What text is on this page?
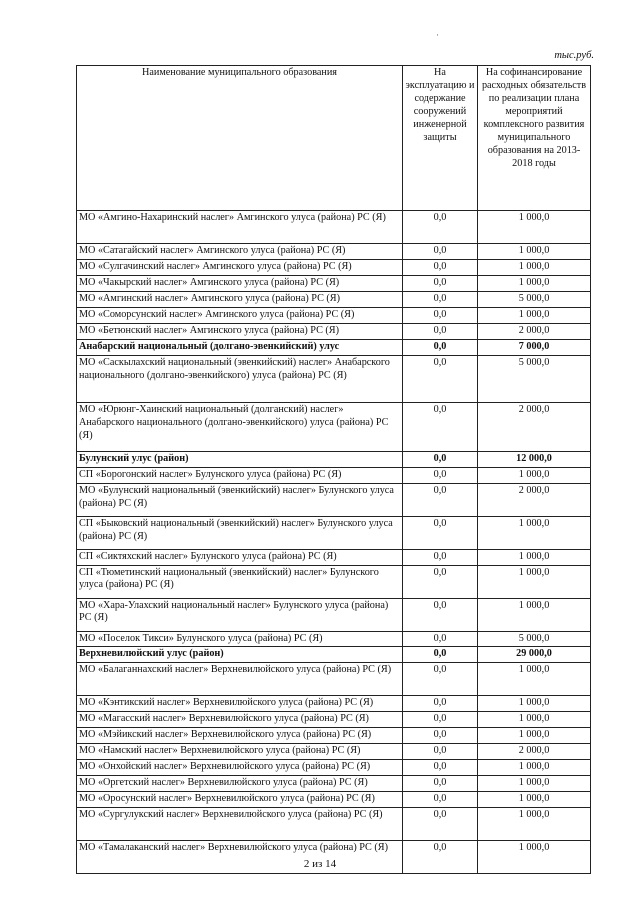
·
тыс.руб.
Наименование муниципального образования	На эксплуатацию и содержание сооружений инженерной защиты	На софинансирование расходных обязательств по реализации плана мероприятий комплексного развития муниципального образования на 2013-2018 годы
МО «Амгино-Нахаринский наслег» Амгинского улуса (района) РС (Я)	0,0	1 000,0
МО «Сатагайский наслег» Амгинского улуса (района) РС (Я)	0,0	1 000,0
МО «Сулгачинский наслег» Амгинского улуса (района) РС (Я)	0,0	1 000,0
МО «Чакырский наслег» Амгинского улуса (района) РС (Я)	0,0	1 000,0
МО «Амгинский наслег» Амгинского улуса (района) РС (Я)	0,0	5 000,0
МО «Соморсунский наслег» Амгинского улуса (района) РС (Я)	0,0	1 000,0
МО «Бетюнский наслег» Амгинского улуса (района) РС (Я)	0,0	2 000,0
Анабарский национальный (долгано-эвенкийский) улус	0,0	7 000,0
МО «Саскылахский национальный (эвенкийский) наслег» Анабарского национального (долгано-эвенкийского) улуса (района) РС (Я)	0,0	5 000,0
МО «Юрюнг-Хаинский национальный (долганский) наслег» Анабарского национального (долгано-эвенкийского) улуса (района) РС (Я)	0,0	2 000,0
Булунский улус (район)	0,0	12 000,0
СП «Борогонский наслег» Булунского улуса (района) РС (Я)	0,0	1 000,0
МО «Булунский национальный (эвенкийский) наслег» Булунского улуса (района) РС (Я)	0,0	2 000,0
СП «Быковский национальный (эвенкийский) наслег» Булунского улуса (района) РС (Я)	0,0	1 000,0
СП «Сиктяхский наслег» Булунского улуса (района) РС (Я)	0,0	1 000,0
СП «Тюметинский национальный (эвенкийский) наслег» Булунского улуса (района) РС (Я)	0,0	1 000,0
МО «Хара-Улахский национальный наслег» Булунского улуса (района) РС (Я)	0,0	1 000,0
МО «Поселок Тикси» Булунского улуса (района) РС (Я)	0,0	5 000,0
Верхневилюйский улус (район)	0,0	29 000,0
МО «Балаганнахский наслег» Верхневилюйского улуса (района) РС (Я)	0,0	1 000,0
МО «Кэнтикский наслег» Верхневилюйского улуса (района) РС (Я)	0,0	1 000,0
МО «Магасский наслег» Верхневилюйского улуса (района) РС (Я)	0,0	1 000,0
МО «Мэйикский наслег» Верхневилюйского улуса (района) РС (Я)	0,0	1 000,0
МО «Намский наслег» Верхневилюйского улуса (района) РС (Я)	0,0	2 000,0
МО «Онхойский наслег» Верхневилюйского улуса (района) РС (Я)	0,0	1 000,0
МО «Оргетский наслег» Верхневилюйского улуса (района) РС (Я)	0,0	1 000,0
МО «Оросунский наслег» Верхневилюйского улуса (района) РС (Я)	0,0	1 000,0
МО «Сургулукский наслег» Верхневилюйского улуса (района) РС (Я)	0,0	1 000,0
МО «Тамалаканский наслег» Верхневилюйского улуса (района) РС (Я)	0,0	1 000,0
2 из 14
